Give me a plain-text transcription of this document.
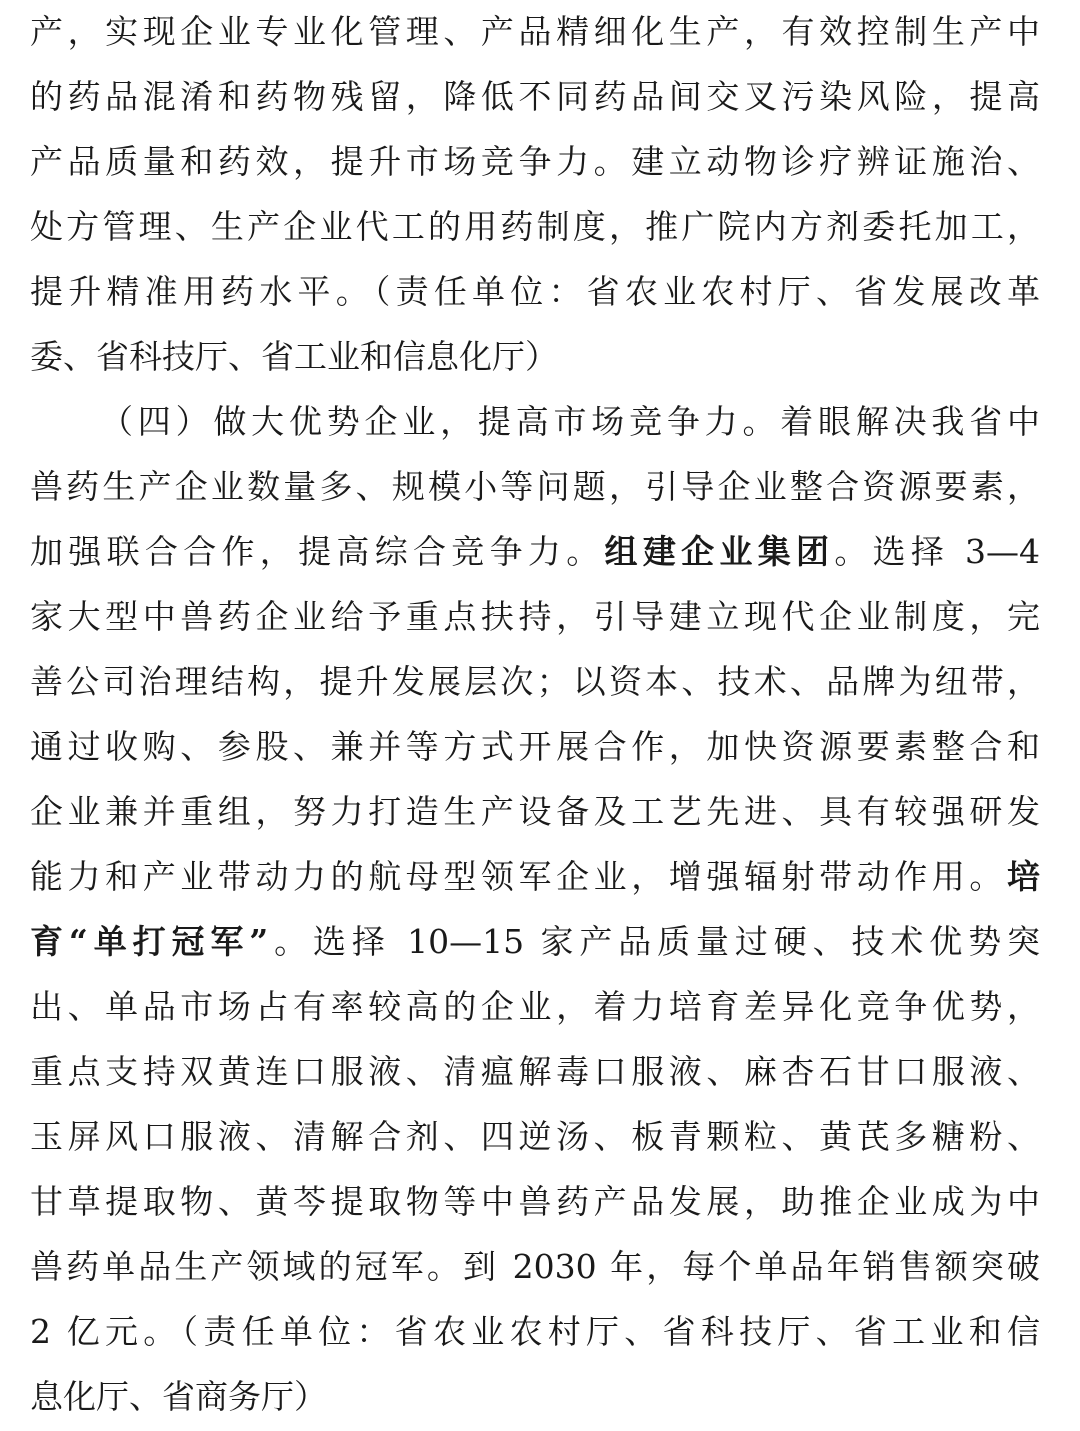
产，实现企业专业化管理、产品精细化生产，有效控制生产中
的药品混淆和药物残留，降低不同药品间交叉污染风险，提高
产品质量和药效，提升市场竞争力。建立动物诊疗辨证施治、
处方管理、生产企业代工的用药制度，推广院内方剂委托加工，
提升精准用药水平。（责任单位：省农业农村厅、省发展改革
委、省科技厅、省工业和信息化厅）
（四）做大优势企业，提高市场竞争力。着眼解决我省中
兽药生产企业数量多、规模小等问题，引导企业整合资源要素，
加强联合合作，提高综合竞争力。组建企业集团。选择 3—4
家大型中兽药企业给予重点扶持，引导建立现代企业制度，完
善公司治理结构，提升发展层次；以资本、技术、品牌为纽带，
通过收购、参股、兼并等方式开展合作，加快资源要素整合和
企业兼并重组，努力打造生产设备及工艺先进、具有较强研发
能力和产业带动力的航母型领军企业，增强辐射带动作用。培
育“单打冠军”。选择 10—15 家产品质量过硬、技术优势突
出、单品市场占有率较高的企业，着力培育差异化竞争优势，
重点支持双黄连口服液、清瘟解毒口服液、麻杏石甘口服液、
玉屏风口服液、清解合剂、四逆汤、板青颗粒、黄芪多糖粉、
甘草提取物、黄芩提取物等中兽药产品发展，助推企业成为中
兽药单品生产领域的冠军。到 2030 年，每个单品年销售额突破
2 亿元。（责任单位：省农业农村厅、省科技厅、省工业和信
息化厅、省商务厅）
